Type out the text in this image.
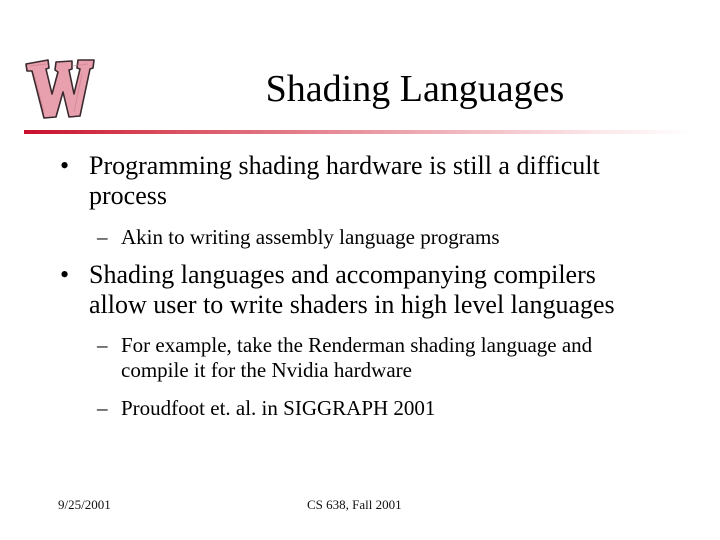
Shading Languages
• Programming shading hardware is still a difficult
process
– Akin to writing assembly language programs
• Shading languages and accompanying compilers
allow user to write shaders in high level languages
– For example, take the Renderman shading language and
compile it for the Nvidia hardware
– Proudfoot et. al. in SIGGRAPH 2001
9/25/2001	CS 638, Fall 2001
